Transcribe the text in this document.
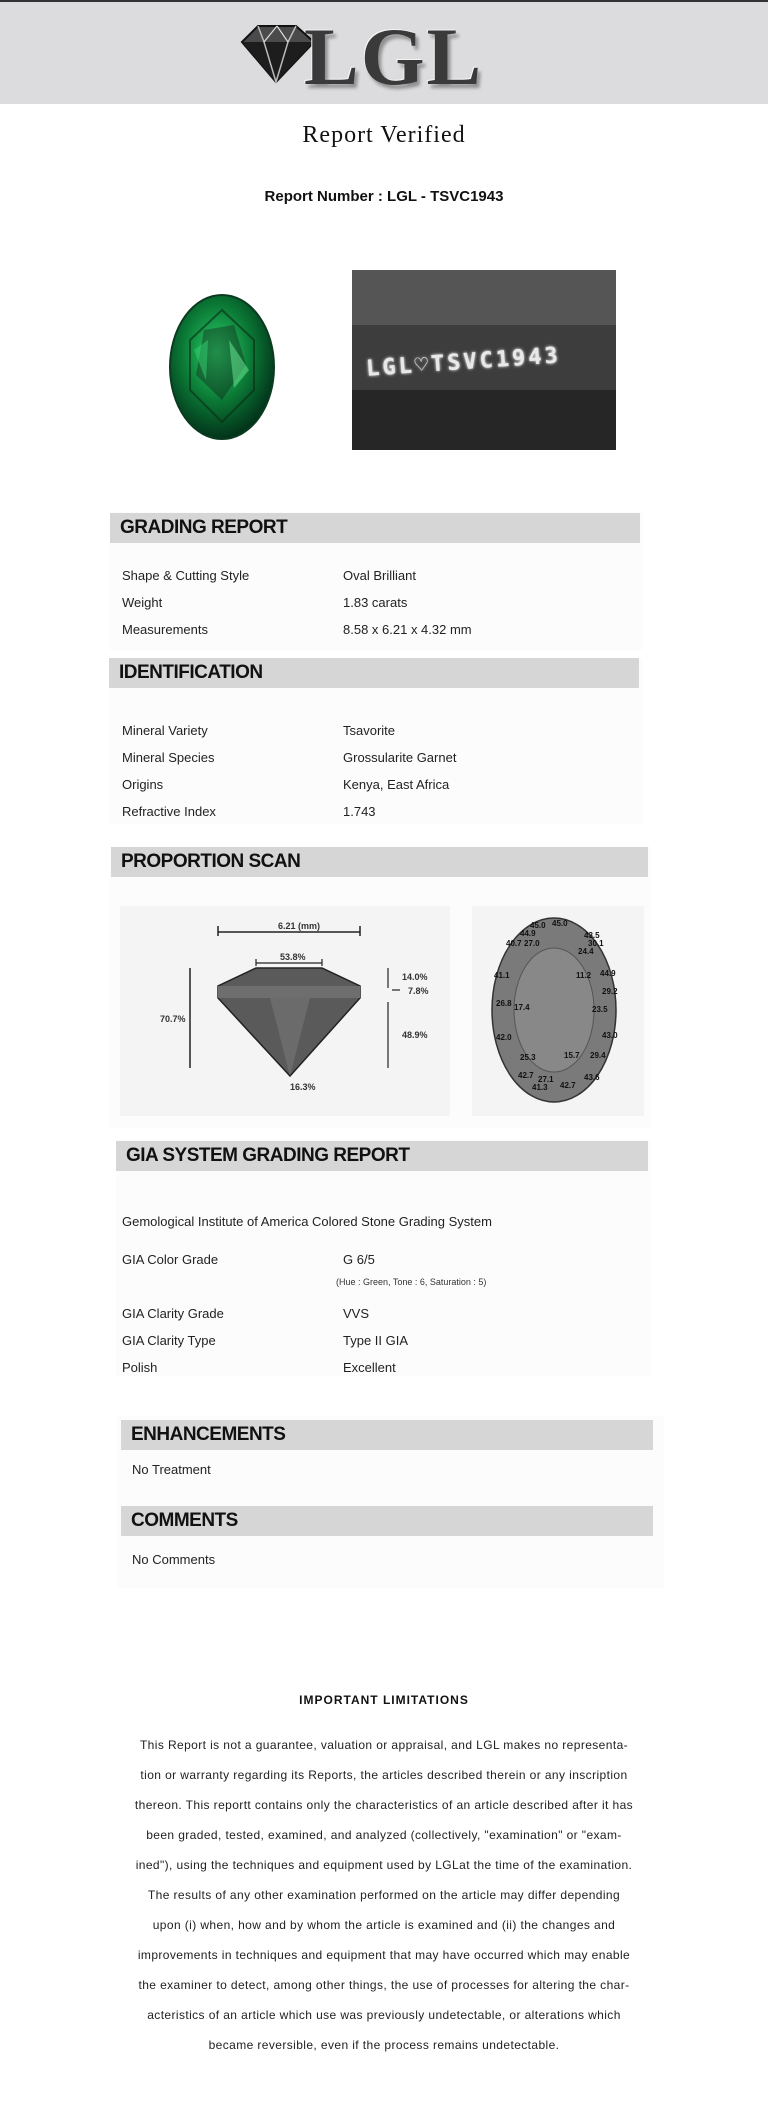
LGL
Report Verified
Report Number : LGL - TSVC1943
LGL♡TSVC1943
GRADING REPORT
Shape & Cutting Style	Oval Brilliant
Weight	1.83 carats
Measurements	8.58 x 6.21 x 4.32 mm
IDENTIFICATION
Mineral Variety	Tsavorite
Mineral Species	Grossularite Garnet
Origins	Kenya, East Africa
Refractive Index	1.743
PROPORTION SCAN
6.21 (mm)
53.8%
70.7%
14.0%
7.8%
48.9%
16.3%
45.0 45.0
44.9	43.5
40.7 27.0	30.1
24.4
41.1	11.2 44.9
29.2
26.8 17.4	23.5
42.0	43.0
25.3	15.7 29.4
42.7 27.1
41.3 42.7
43.6
GIA SYSTEM GRADING REPORT
Gemological Institute of America Colored Stone Grading System
GIA Color Grade	G 6/5
(Hue : Green, Tone : 6, Saturation : 5)
GIA Clarity Grade	VVS
GIA Clarity Type	Type II GIA
Polish	Excellent
ENHANCEMENTS
No Treatment
COMMENTS
No Comments
IMPORTANT LIMITATIONS
This Report is not a guarantee, valuation or appraisal, and LGL makes no representa-
tion or warranty regarding its Reports, the articles described therein or any inscription
thereon. This reportt contains only the characteristics of an article described after it has
been graded, tested, examined, and analyzed (collectively, "examination" or "exam-
ined"), using the techniques and equipment used by LGLat the time of the examination.
The results of any other examination performed on the article may differ depending
upon (i) when, how and by whom the article is examined and (ii) the changes and
improvements in techniques and equipment that may have occurred which may enable
the examiner to detect, among other things, the use of processes for altering the char-
acteristics of an article which use was previously undetectable, or alterations which
became reversible, even if the process remains undetectable.
